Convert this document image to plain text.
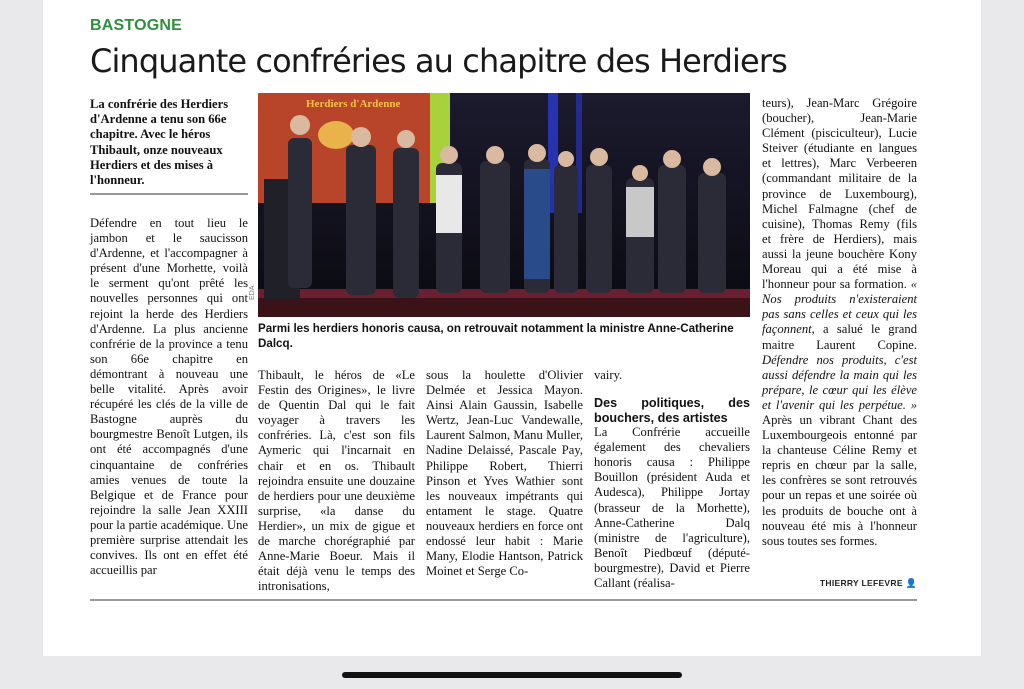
BASTOGNE
Cinquante confréries au chapitre des Herdiers
La confrérie des Herdiers d'Ardenne a tenu son 66e chapitre. Avec le héros Thibault, onze nouveaux Herdiers et des mises à l'honneur.

Défendre en tout lieu le jambon et le saucisson d'Ardenne, et l'accompagner à présent d'une Morhette, voilà le serment qu'ont prêté les nouvelles personnes qui ont rejoint la herde des Herdiers d'Ardenne. La plus ancienne confrérie de la province a tenu son 66e chapitre en démontrant à nouveau une belle vitalité. Après avoir récupéré les clés de la ville de Bastogne auprès du bourgmestre Benoît Lutgen, ils ont été accompagnés d'une cinquantaine de confréries amies venues de toute la Belgique et de France pour rejoindre la salle Jean XXIII pour la partie académique. Une première surprise attendait les convives. Ils ont en effet été accueillis par

Herdiers d'Ardenne
EDA
Parmi les herdiers honoris causa, on retrouvait notamment la ministre Anne-Catherine Dalcq.

Thibault, le héros de «Le Festin des Origines», le livre de Quentin Dal qui le fait voyager à travers les confréries. Là, c'est son fils Aymeric qui l'incarnait en chair et en os. Thibault rejoindra ensuite une douzaine de herdiers pour une deuxième surprise, «la danse du Herdier», un mix de gigue et de marche chorégraphié par Anne-Marie Boeur. Mais il était déjà venu le temps des intronisations,

sous la houlette d'Olivier Delmée et Jessica Mayon. Ainsi Alain Gaussin, Isabelle Wertz, Jean-Luc Vandewalle, Laurent Salmon, Manu Muller, Nadine Delaissé, Pascale Pay, Philippe Robert, Thierri Pinson et Yves Wathier sont les nouveaux impétrants qui entament le stage. Quatre nouveaux herdiers en force ont endossé leur habit : Marie Many, Elodie Hantson, Patrick Moinet et Serge Co-

vairy.

Des politiques, des bouchers, des artistes

La Confrérie accueille également des chevaliers honoris causa : Philippe Bouillon (président Auda et Audesca), Philippe Jortay (brasseur de la Morhette), Anne-Catherine Dalq (ministre de l'agriculture), Benoît Piedbœuf (député-bourgmestre), David et Pierre Callant (réalisa-

teurs), Jean-Marc Grégoire (boucher), Jean-Marie Clément (pisciculteur), Lucie Steiver (étudiante en langues et lettres), Marc Verbeeren (commandant militaire de la province de Luxembourg), Michel Falmagne (chef de cuisine), Thomas Remy (fils et frère de Herdiers), mais aussi la jeune bouchère Kony Moreau qui a été mise à l'honneur pour sa formation. « Nos produits n'existeraient pas sans celles et ceux qui les façonnent, a salué le grand maitre Laurent Copine. Défendre nos produits, c'est aussi défendre la main qui les prépare, le cœur qui les élève et l'avenir qui les perpétue. » Après un vibrant Chant des Luxembourgeois entonné par la chanteuse Céline Remy et repris en chœur par la salle, les confrères se sont retrouvés pour un repas et une soirée où les produits de bouche ont à nouveau été mis à l'honneur sous toutes ses formes.

THIERRY LEFEVRE 👤
